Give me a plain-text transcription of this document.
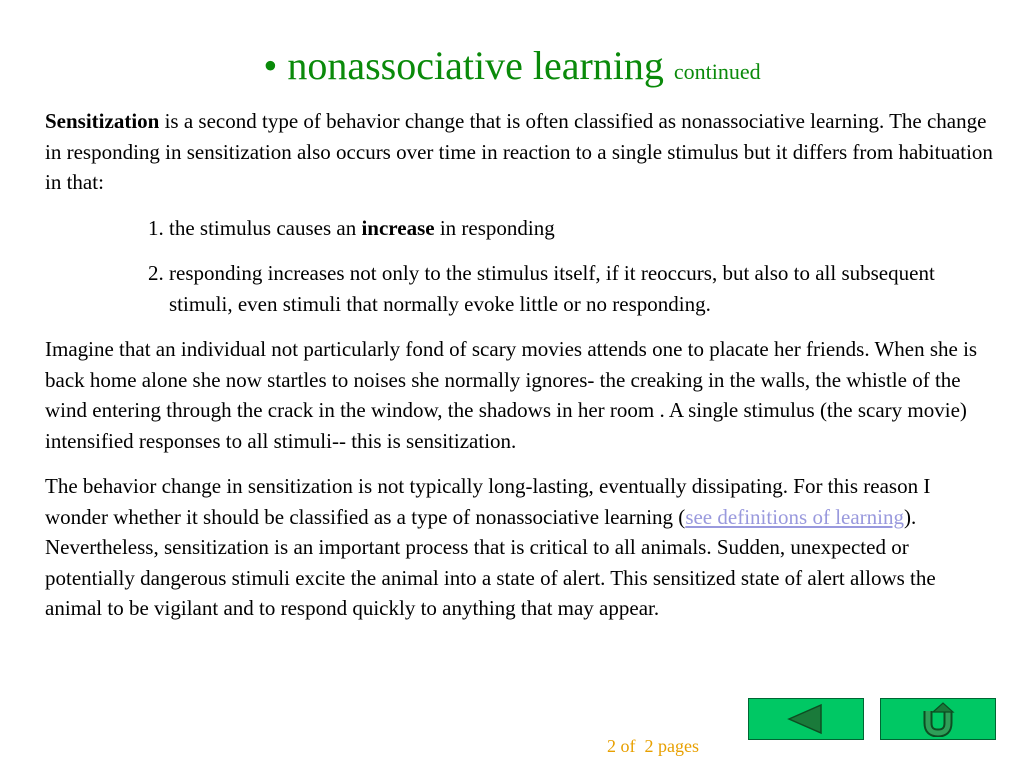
• nonassociative learning continued

Sensitization is a second type of behavior change that is often classified as nonassociative learning. The change in responding in sensitization also occurs over time in reaction to a single stimulus but it differs from habituation in that:

1. the stimulus causes an increase in responding
2. responding increases not only to the stimulus itself, if it reoccurs, but also to all subsequent stimuli, even stimuli that normally evoke little or no responding.

Imagine that an individual not particularly fond of scary movies attends one to placate her friends. When she is back home alone she now startles to noises she normally ignores- the creaking in the walls, the whistle of the wind entering through the crack in the window, the shadows in her room . A single stimulus (the scary movie) intensified responses to all stimuli-- this is sensitization.

The behavior change in sensitization is not typically long-lasting, eventually dissipating. For this reason I wonder whether it should be classified as a type of nonassociative learning (see definitions of learning). Nevertheless, sensitization is an important process that is critical to all animals. Sudden, unexpected or potentially dangerous stimuli excite the animal into a state of alert. This sensitized state of alert allows the animal to be vigilant and to respond quickly to anything that may appear.

2 of  2 pages
